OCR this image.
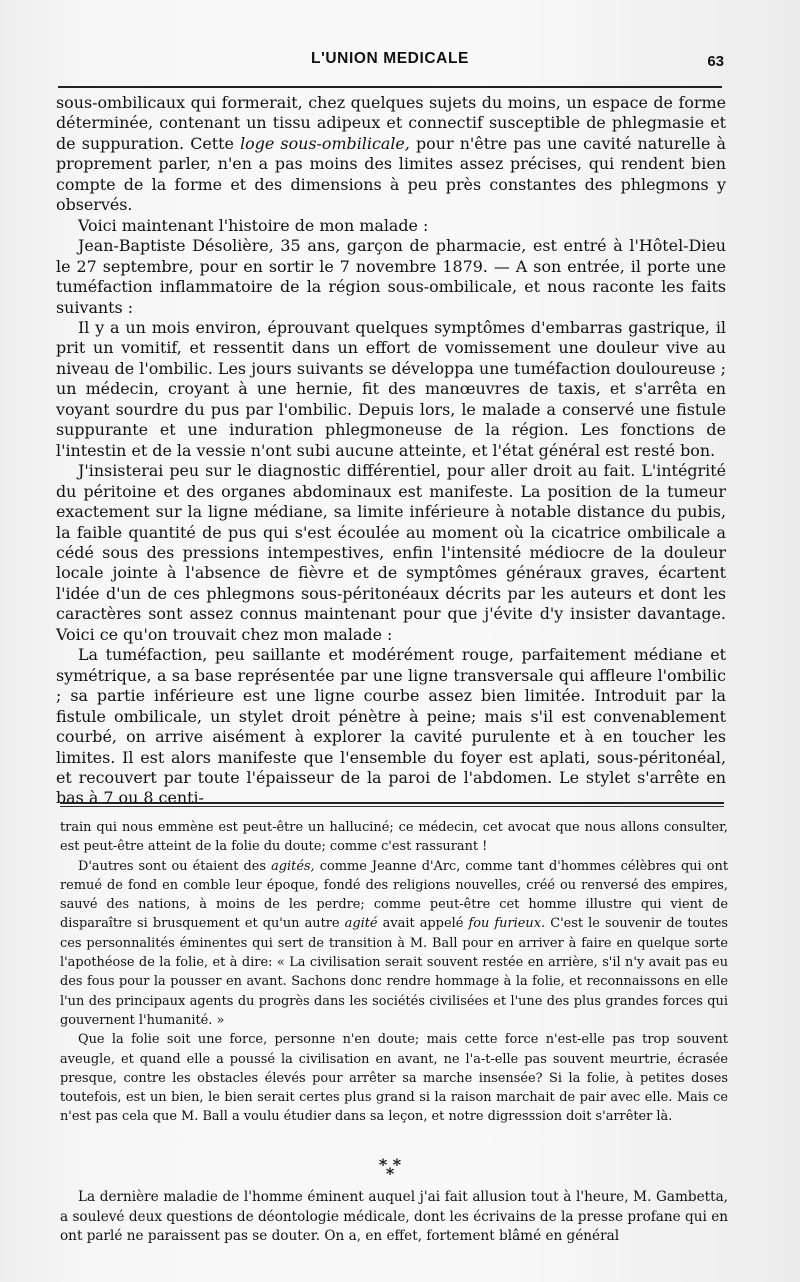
L'UNION MEDICALE	63

sous-ombilicaux qui formerait, chez quelques sujets du moins, un espace de forme déterminée, contenant un tissu adipeux et connectif susceptible de phlegmasie et de suppuration. Cette loge sous-ombilicale, pour n'être pas une cavité naturelle à proprement parler, n'en a pas moins des limites assez précises, qui rendent bien compte de la forme et des dimensions à peu près constantes des phlegmons y observés.

Voici maintenant l'histoire de mon malade :

Jean-Baptiste Désolière, 35 ans, garçon de pharmacie, est entré à l'Hôtel-Dieu le 27 septembre, pour en sortir le 7 novembre 1879. — A son entrée, il porte une tuméfaction inflammatoire de la région sous-ombilicale, et nous raconte les faits suivants :

Il y a un mois environ, éprouvant quelques symptômes d'embarras gastrique, il prit un vomitif, et ressentit dans un effort de vomissement une douleur vive au niveau de l'ombilic. Les jours suivants se développa une tuméfaction douloureuse ; un médecin, croyant à une hernie, fit des manœuvres de taxis, et s'arrêta en voyant sourdre du pus par l'ombilic. Depuis lors, le malade a conservé une fistule suppurante et une induration phlegmoneuse de la région. Les fonctions de l'intestin et de la vessie n'ont subi aucune atteinte, et l'état général est resté bon.

J'insisterai peu sur le diagnostic différentiel, pour aller droit au fait. L'intégrité du péritoine et des organes abdominaux est manifeste. La position de la tumeur exactement sur la ligne médiane, sa limite inférieure à notable distance du pubis, la faible quantité de pus qui s'est écoulée au moment où la cicatrice ombilicale a cédé sous des pressions intempestives, enfin l'intensité médiocre de la douleur locale jointe à l'absence de fièvre et de symptômes généraux graves, écartent l'idée d'un de ces phlegmons sous-péritonéaux décrits par les auteurs et dont les caractères sont assez connus maintenant pour que j'évite d'y insister davantage. Voici ce qu'on trouvait chez mon malade :

La tuméfaction, peu saillante et modérément rouge, parfaitement médiane et symétrique, a sa base représentée par une ligne transversale qui affleure l'ombilic ; sa partie inférieure est une ligne courbe assez bien limitée. Introduit par la fistule ombilicale, un stylet droit pénètre à peine; mais s'il est convenablement courbé, on arrive aisément à explorer la cavité purulente et à en toucher les limites. Il est alors manifeste que l'ensemble du foyer est aplati, sous-péritonéal, et recouvert par toute l'épaisseur de la paroi de l'abdomen. Le stylet s'arrête en bas à 7 ou 8 centi-

train qui nous emmène est peut-être un halluciné; ce médecin, cet avocat que nous allons consulter, est peut-être atteint de la folie du doute; comme c'est rassurant !

D'autres sont ou étaient des agités, comme Jeanne d'Arc, comme tant d'hommes célèbres qui ont remué de fond en comble leur époque, fondé des religions nouvelles, créé ou renversé des empires, sauvé des nations, à moins de les perdre; comme peut-être cet homme illustre qui vient de disparaître si brusquement et qu'un autre agité avait appelé fou furieux. C'est le souvenir de toutes ces personnalités éminentes qui sert de transition à M. Ball pour en arriver à faire en quelque sorte l'apothéose de la folie, et à dire: « La civilisation serait souvent restée en arrière, s'il n'y avait pas eu des fous pour la pousser en avant. Sachons donc rendre hommage à la folie, et reconnaissons en elle l'un des principaux agents du progrès dans les sociétés civilisées et l'une des plus grandes forces qui gouvernent l'humanité. »

Que la folie soit une force, personne n'en doute; mais cette force n'est-elle pas trop souvent aveugle, et quand elle a poussé la civilisation en avant, ne l'a-t-elle pas souvent meurtrie, écrasée presque, contre les obstacles élevés pour arrêter sa marche insensée? Si la folie, à petites doses toutefois, est un bien, le bien serait certes plus grand si la raison marchait de pair avec elle. Mais ce n'est pas cela que M. Ball a voulu étudier dans sa leçon, et notre digresssion doit s'arrêter là.

* *
*

La dernière maladie de l'homme éminent auquel j'ai fait allusion tout à l'heure, M. Gambetta, a soulevé deux questions de déontologie médicale, dont les écrivains de la presse profane qui en ont parlé ne paraissent pas se douter. On a, en effet, fortement blâmé en général
